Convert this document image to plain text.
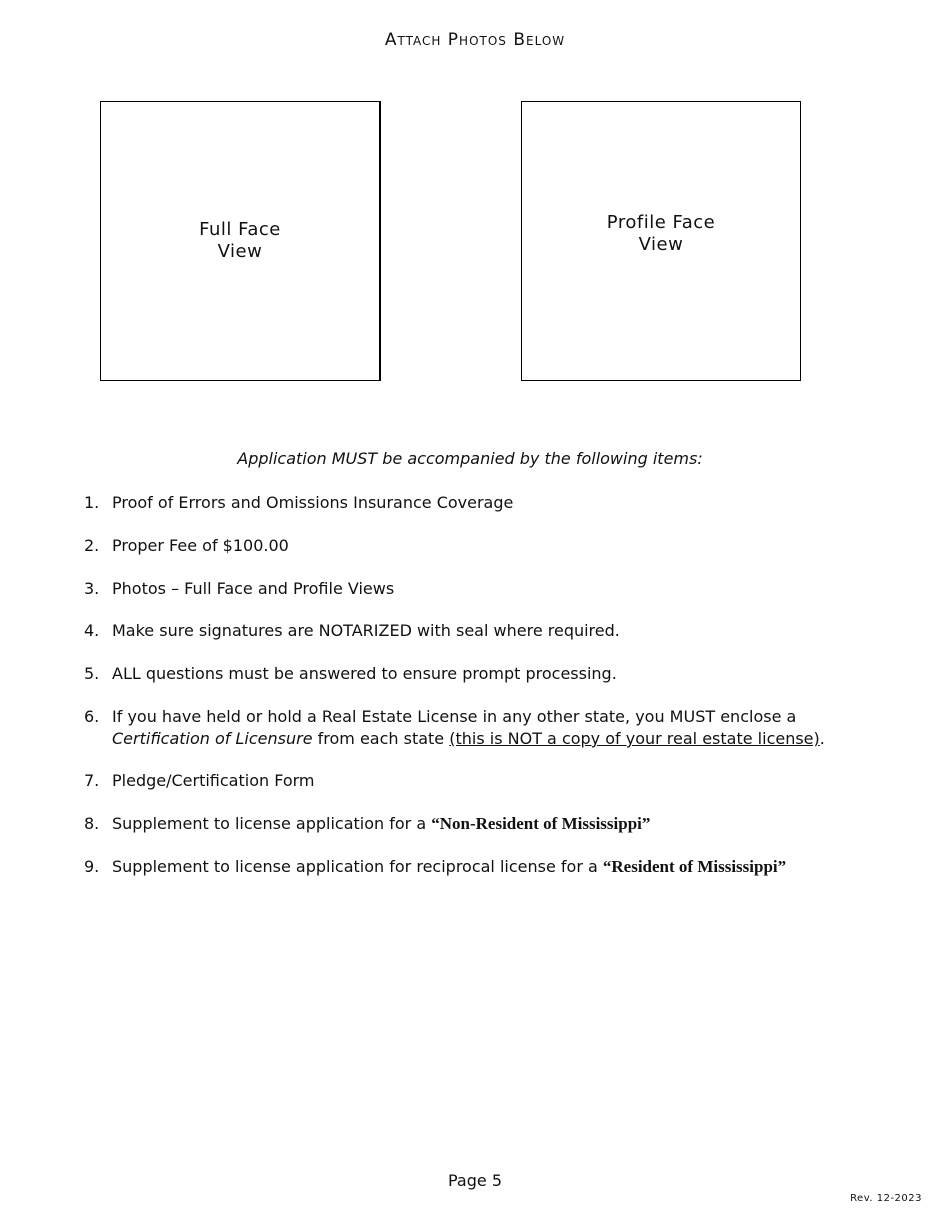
Attach Photos Below
Full Face
View
Profile Face
View
Application MUST be accompanied by the following items:
1. Proof of Errors and Omissions Insurance Coverage
2. Proper Fee of $100.00
3. Photos – Full Face and Profile Views
4. Make sure signatures are NOTARIZED with seal where required.
5. ALL questions must be answered to ensure prompt processing.
6. If you have held or hold a Real Estate License in any other state, you MUST enclose a
Certification of Licensure from each state (this is NOT a copy of your real estate license).
7. Pledge/Certification Form
8. Supplement to license application for a “Non-Resident of Mississippi”
9. Supplement to license application for reciprocal license for a “Resident of Mississippi”
Page 5
Rev. 12-2023
